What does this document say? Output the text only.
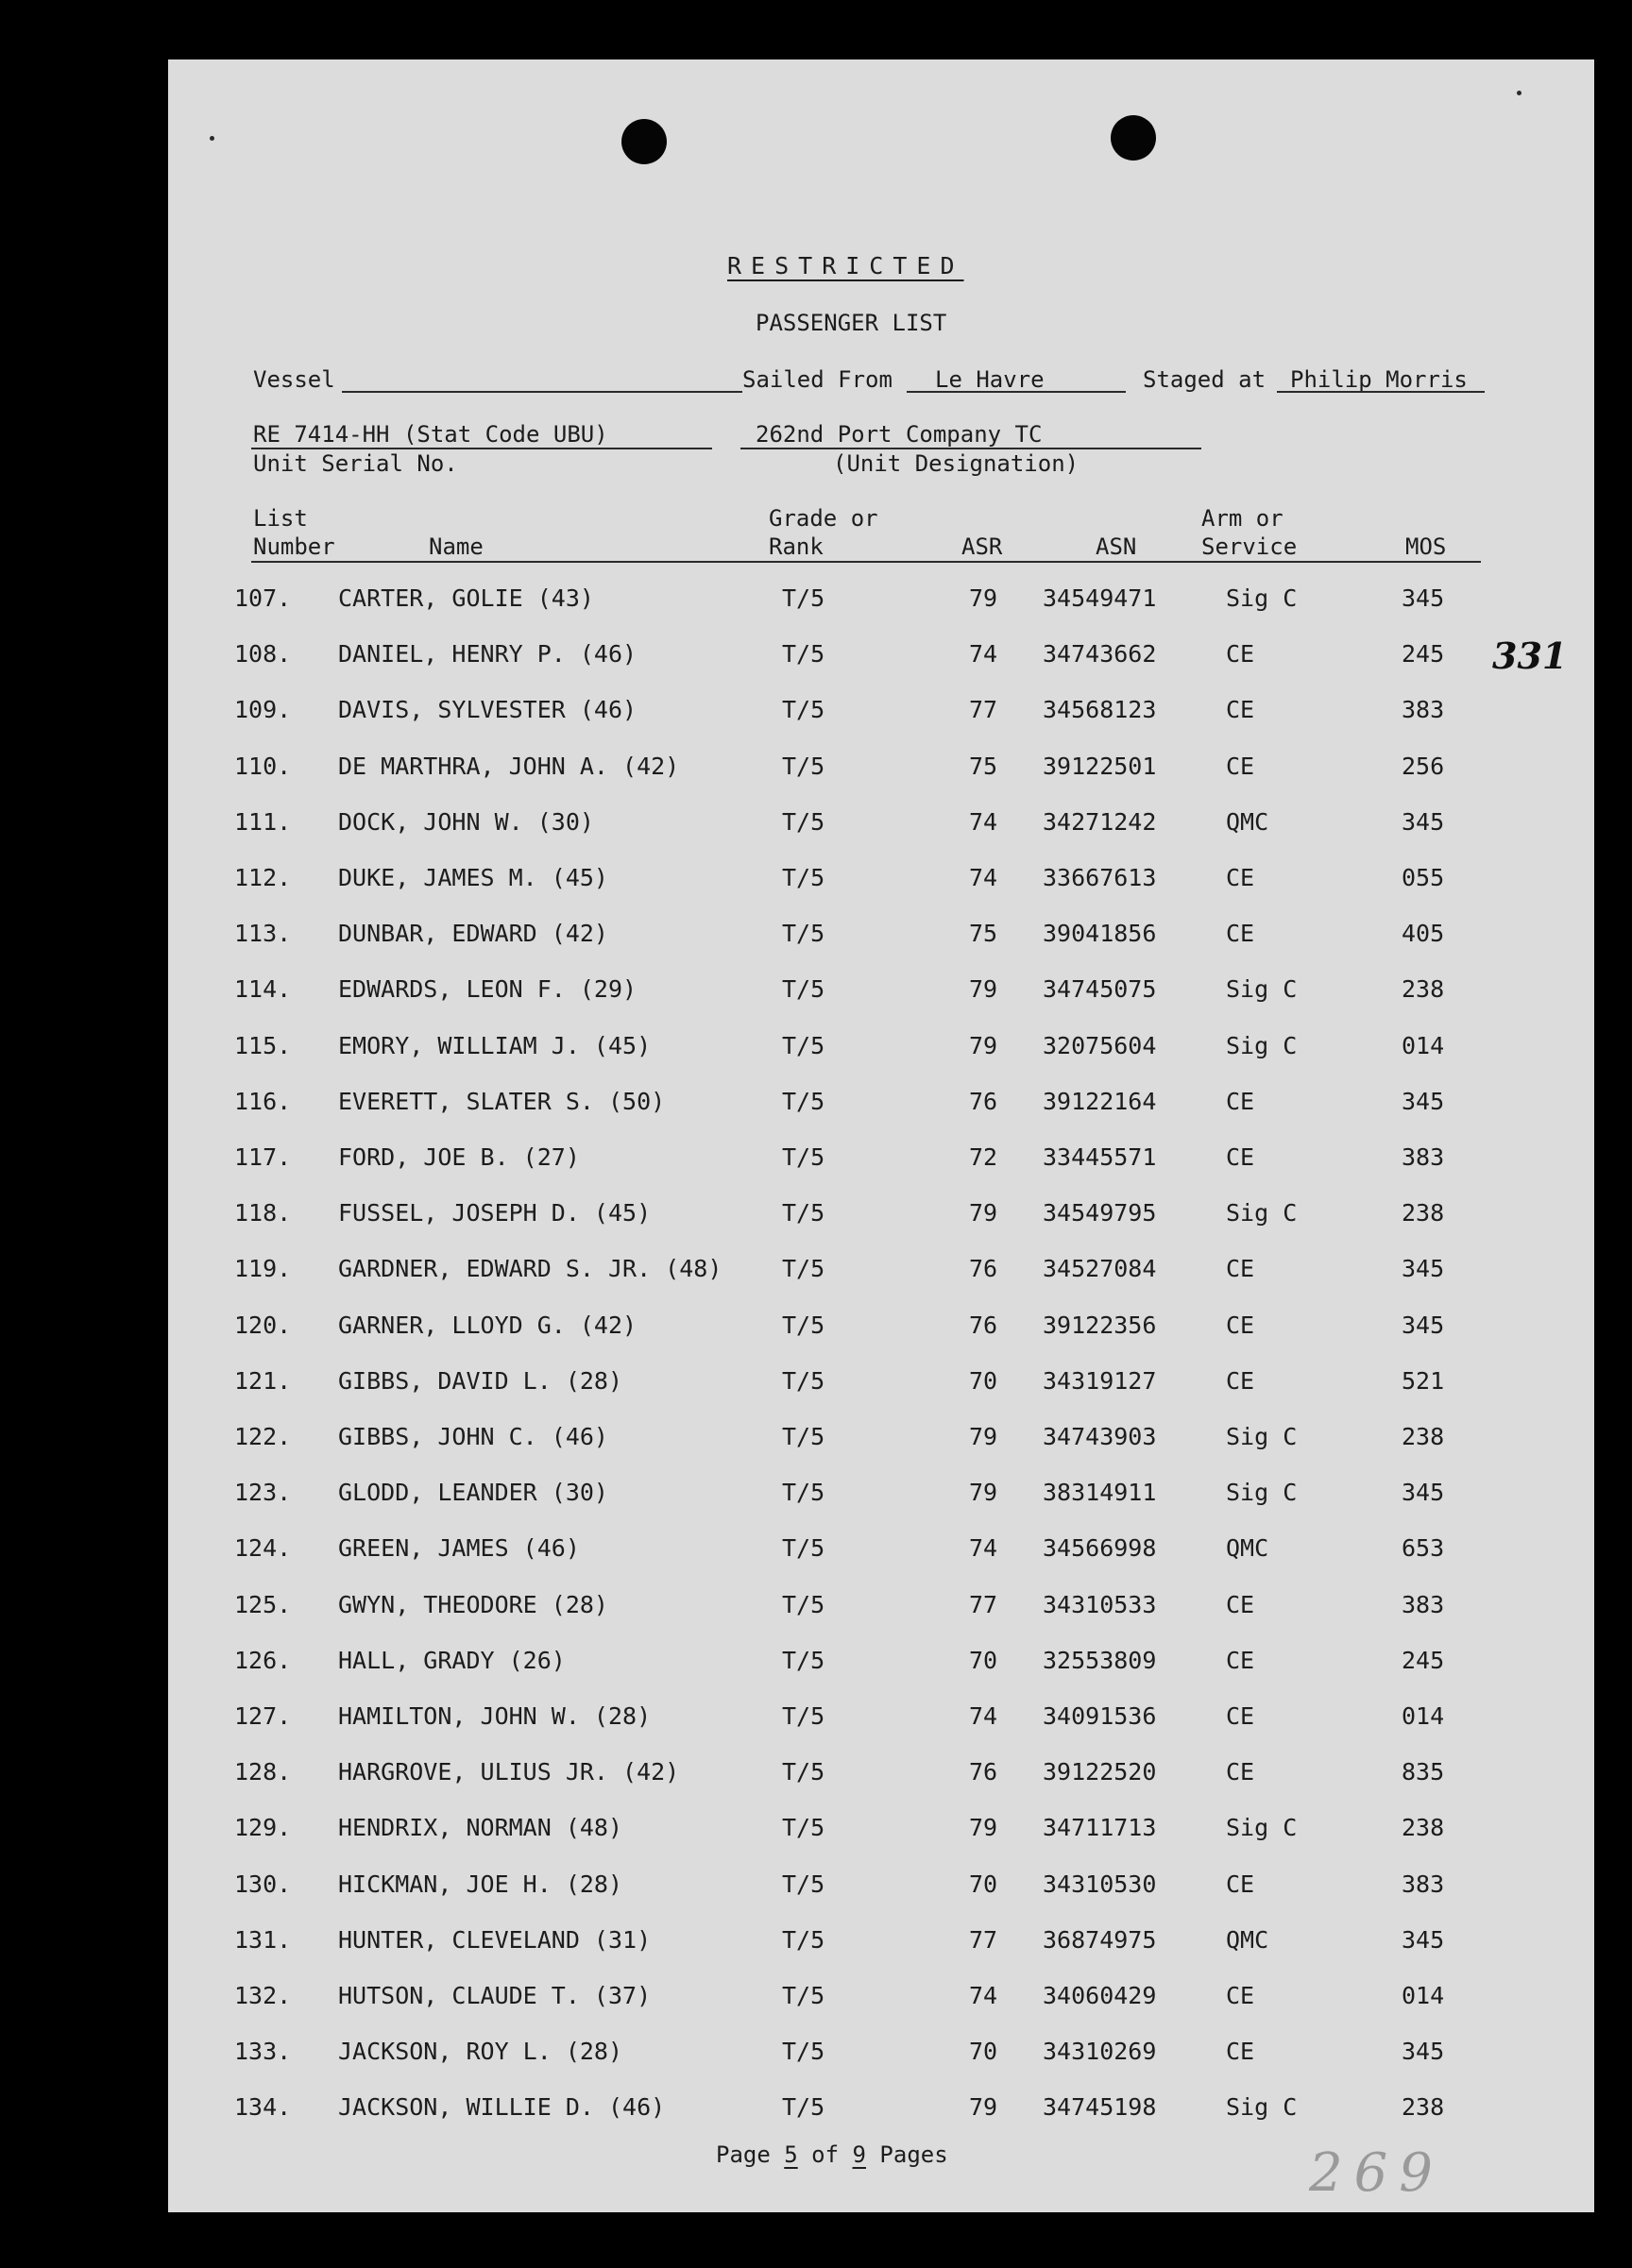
RESTRICTED
PASSENGER LIST
Vessel	Sailed From Le Havre	Staged at Philip Morris
RE 7414-HH (Stat Code UBU)
Unit Serial No.
262nd Port Company TC
(Unit Designation)
List
Number	Name
Grade or
Rank	ASR	ASN
Arm or
Service	MOS
331
269
107. CARTER, GOLIE (43)	T/5	79 34549471	Sig C	345
108. DANIEL, HENRY P. (46)	T/5	74 34743662	CE	245
109. DAVIS, SYLVESTER (46)	T/5	77 34568123	CE	383
110. DE MARTHRA, JOHN A. (42)	T/5	75 39122501	CE	256
111. DOCK, JOHN W. (30)	T/5	74 34271242	QMC	345
112. DUKE, JAMES M. (45)	T/5	74 33667613	CE	055
113. DUNBAR, EDWARD (42)	T/5	75 39041856	CE	405
114. EDWARDS, LEON F. (29)	T/5	79 34745075	Sig C	238
115. EMORY, WILLIAM J. (45)	T/5	79 32075604	Sig C	014
116. EVERETT, SLATER S. (50)	T/5	76 39122164	CE	345
117. FORD, JOE B. (27)	T/5	72 33445571	CE	383
118. FUSSEL, JOSEPH D. (45)	T/5	79 34549795	Sig C	238
119. GARDNER, EDWARD S. JR. (48)	T/5	76 34527084	CE	345
120. GARNER, LLOYD G. (42)	T/5	76 39122356	CE	345
121. GIBBS, DAVID L. (28)	T/5	70 34319127	CE	521
122. GIBBS, JOHN C. (46)	T/5	79 34743903	Sig C	238
123. GLODD, LEANDER (30)	T/5	79 38314911	Sig C	345
124. GREEN, JAMES (46)	T/5	74 34566998	QMC	653
125. GWYN, THEODORE (28)	T/5	77 34310533	CE	383
126. HALL, GRADY (26)	T/5	70 32553809	CE	245
127. HAMILTON, JOHN W. (28)	T/5	74 34091536	CE	014
128. HARGROVE, ULIUS JR. (42)	T/5	76 39122520	CE	835
129. HENDRIX, NORMAN (48)	T/5	79 34711713	Sig C	238
130. HICKMAN, JOE H. (28)	T/5	70 34310530	CE	383
131. HUNTER, CLEVELAND (31)	T/5	77 36874975	QMC	345
132. HUTSON, CLAUDE T. (37)	T/5	74 34060429	CE	014
133. JACKSON, ROY L. (28)	T/5	70 34310269	CE	345
134. JACKSON, WILLIE D. (46)	T/5	79 34745198	Sig C	238
Page 5 of 9 Pages
